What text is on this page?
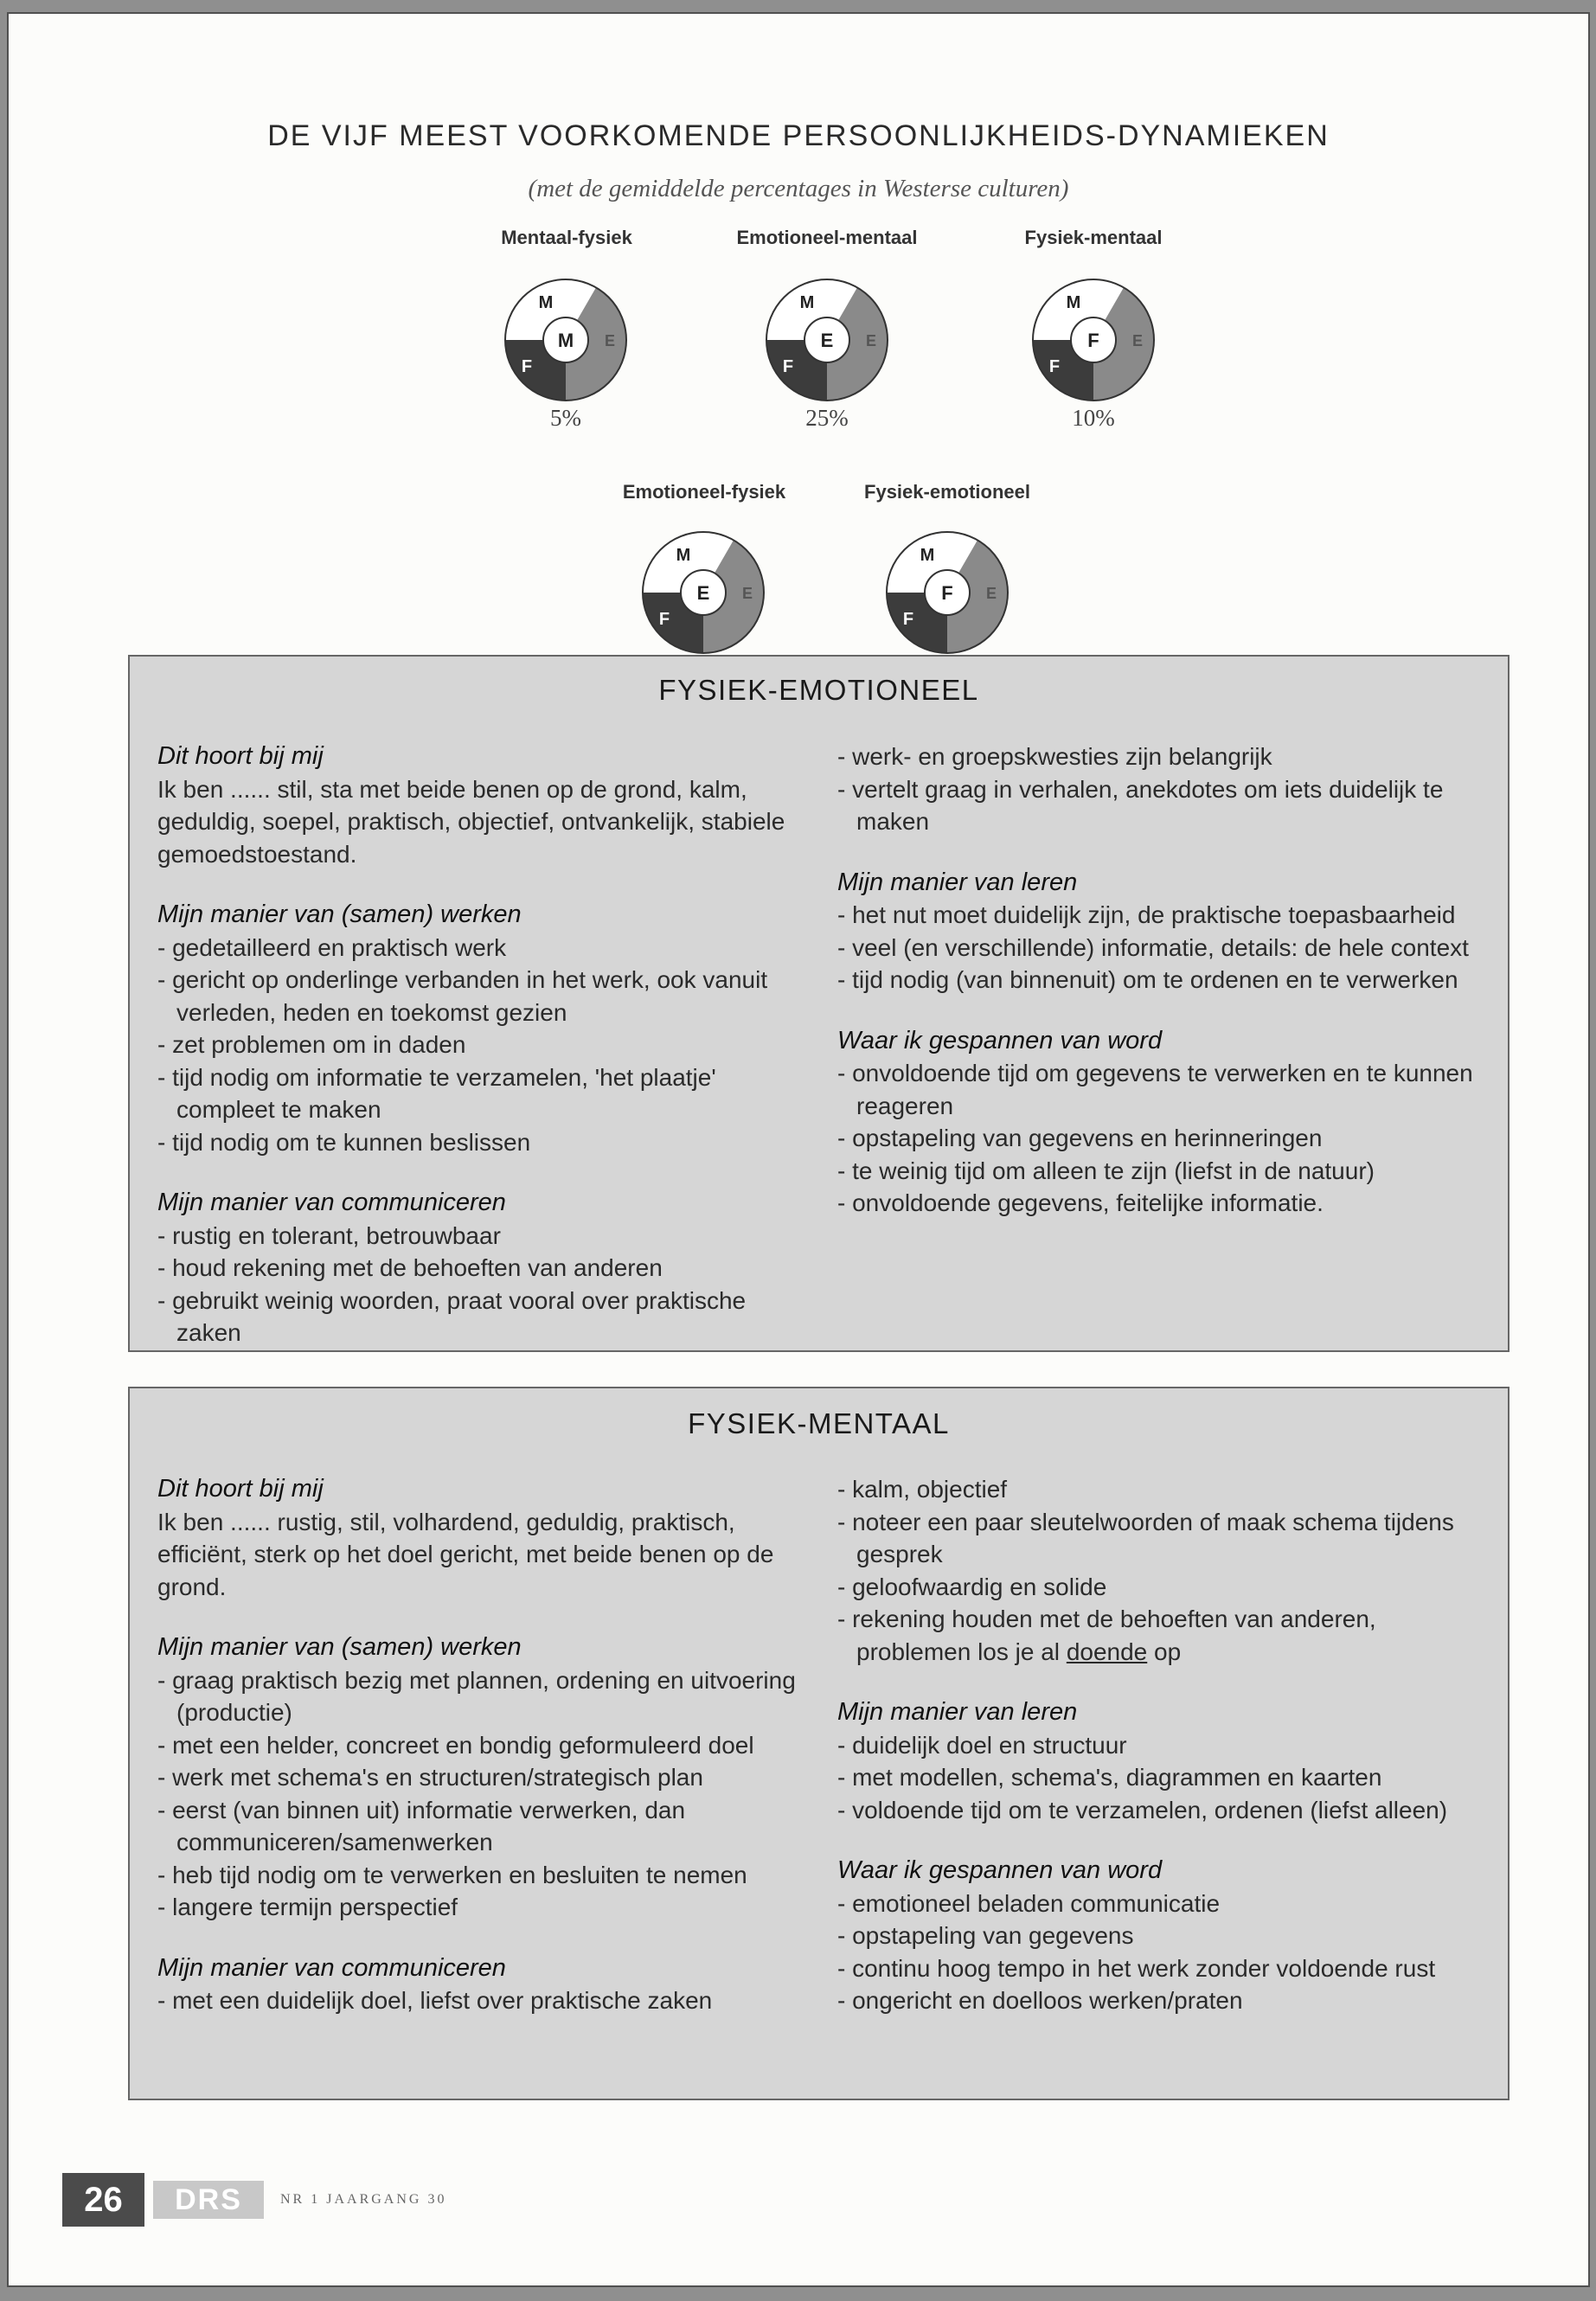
DE VIJF MEEST VOORKOMENDE PERSOONLIJKHEIDS-DYNAMIEKEN
(met de gemiddelde percentages in Westerse culturen)
Mentaal-fysiek
M
E
F
M
5%
Emotioneel-mentaal
M
E
F
E
25%
Fysiek-mentaal
M
E
F
F
10%
Emotioneel-fysiek
M
E
F
E
Fysiek-emotioneel
M
E
F
F
FYSIEK-EMOTIONEEL
Dit hoort bij mij

Ik ben ...... stil, sta met beide benen op de grond, kalm, geduldig, soepel, praktisch, objectief, ontvankelijk, stabiele gemoedstoestand.

Mijn manier van (samen) werken
- gedetailleerd en praktisch werk
- gericht op onderlinge verbanden in het werk, ook vanuit verleden, heden en toekomst gezien
- zet problemen om in daden
- tijd nodig om informatie te verzamelen, 'het plaatje' compleet te maken
- tijd nodig om te kunnen beslissen
Mijn manier van communiceren
- rustig en tolerant, betrouwbaar
- houd rekening met de behoeften van anderen
- gebruikt weinig woorden, praat vooral over praktische zaken
- werk- en groepskwesties zijn belangrijk
- vertelt graag in verhalen, anekdotes om iets duidelijk te maken
Mijn manier van leren
- het nut moet duidelijk zijn, de praktische toepasbaarheid
- veel (en verschillende) informatie, details: de hele context
- tijd nodig (van binnenuit) om te ordenen en te verwerken
Waar ik gespannen van word
- onvoldoende tijd om gegevens te verwerken en te kunnen reageren
- opstapeling van gegevens en herinneringen
- te weinig tijd om alleen te zijn (liefst in de natuur)
- onvoldoende gegevens, feitelijke informatie.
FYSIEK-MENTAAL
Dit hoort bij mij

Ik ben ...... rustig, stil, volhardend, geduldig, praktisch, efficiënt, sterk op het doel gericht, met beide benen op de grond.

Mijn manier van (samen) werken
- graag praktisch bezig met plannen, ordening en uitvoering (productie)
- met een helder, concreet en bondig geformuleerd doel
- werk met schema's en structuren/strategisch plan
- eerst (van binnen uit) informatie verwerken, dan communiceren/samenwerken
- heb tijd nodig om te verwerken en besluiten te nemen
- langere termijn perspectief
Mijn manier van communiceren
- met een duidelijk doel, liefst over praktische zaken
- kalm, objectief
- noteer een paar sleutelwoorden of maak schema tijdens gesprek
- geloofwaardig en solide
- rekening houden met de behoeften van anderen, problemen los je al doende op
Mijn manier van leren
- duidelijk doel en structuur
- met modellen, schema's, diagrammen en kaarten
- voldoende tijd om te verzamelen, ordenen (liefst alleen)
Waar ik gespannen van word
- emotioneel beladen communicatie
- opstapeling van gegevens
- continu hoog tempo in het werk zonder voldoende rust
- ongericht en doelloos werken/praten
26	DRS	NR 1 JAARGANG 30
